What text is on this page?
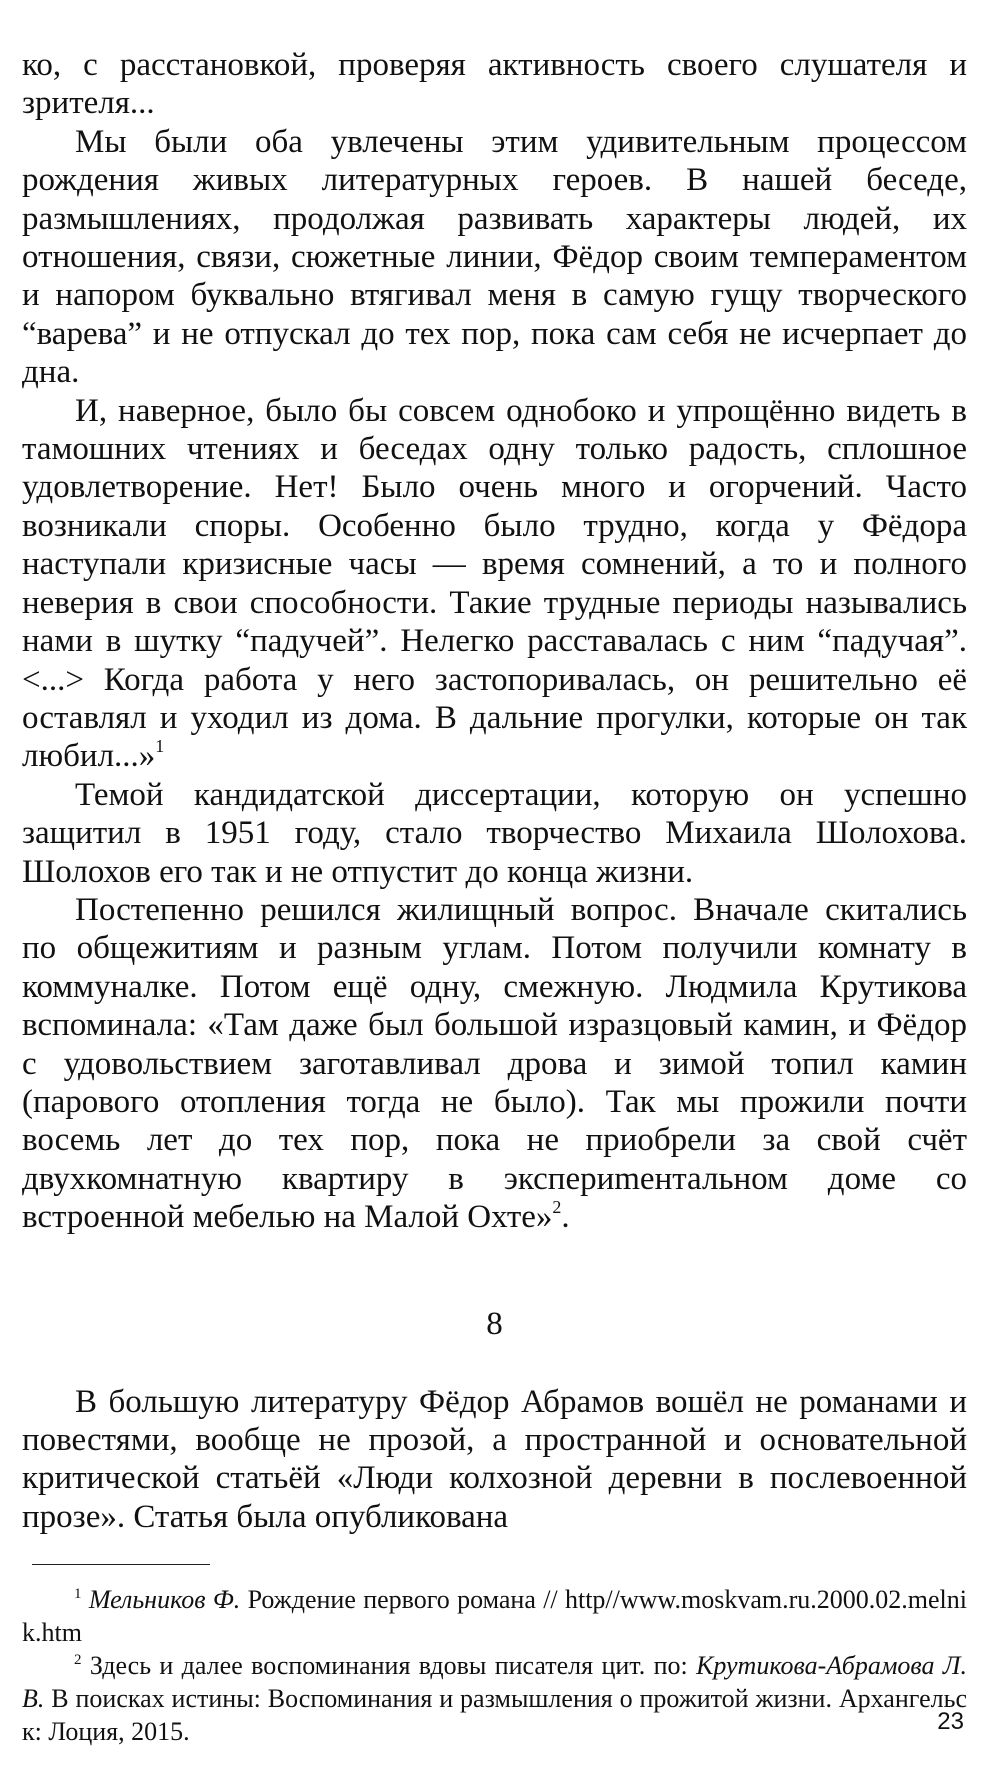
ко, с расстановкой, проверяя активность своего слушателя и зрителя...

Мы были оба увлечены этим удивительным процессом рождения живых литературных героев. В нашей беседе, размышлениях, продолжая развивать характеры людей, их отношения, связи, сюжетные линии, Фёдор своим темпераментом и напором буквально втягивал меня в самую гущу творческого “варева” и не отпускал до тех пор, пока сам себя не исчерпает до дна.

И, наверное, было бы совсем однобоко и упрощённо видеть в тамошних чтениях и беседах одну только радость, сплошное удовлетворение. Нет! Было очень много и огорчений. Часто возникали споры. Особенно было трудно, когда у Фёдора наступали кризисные часы — время сомнений, а то и полного неверия в свои способности. Такие трудные периоды назывались нами в шутку “падучей”. Нелегко расставалась с ним “падучая”. <...> Когда работа у него застопоривалась, он решительно её оставлял и уходил из дома. В дальние прогулки, которые он так любил...»$^1$

Темой кандидатской диссертации, которую он успешно защитил в 1951 году, стало творчество Михаила Шолохова. Шолохов его так и не отпустит до конца жизни.

Постепенно решился жилищный вопрос. Вначале скитались по общежитиям и разным углам. Потом получили комнату в коммуналке. Потом ещё одну, смежную. Людмила Крутикова вспоминала: «Там даже был большой изразцовый камин, и Фёдор с удовольствием заготавливал дрова и зимой топил камин (парового отопления тогда не было). Так мы прожили почти восемь лет до тех пор, пока не приобрели за свой счёт двухкомнатную квартиру в экспериmентальном доме со встроенной мебелью на Малой Охте»$^2$.

8

В большую литературу Фёдор Абрамов вошёл не романами и повестями, вообще не прозой, а пространной и основательной критической статьёй «Люди колхозной деревни в послевоенной прозе». Статья была опубликована

$^1$ Мельников Ф. Рождение первого романа // http//www.moskvam.ru.2000.02.melnik.htm

$^2$ Здесь и далее воспоминания вдовы писателя цит. по: Крутикова-Абрамова Л. В. В поисках истины: Воспоминания и размышления о прожитой жизни. Архангельск: Лоция, 2015.	23
